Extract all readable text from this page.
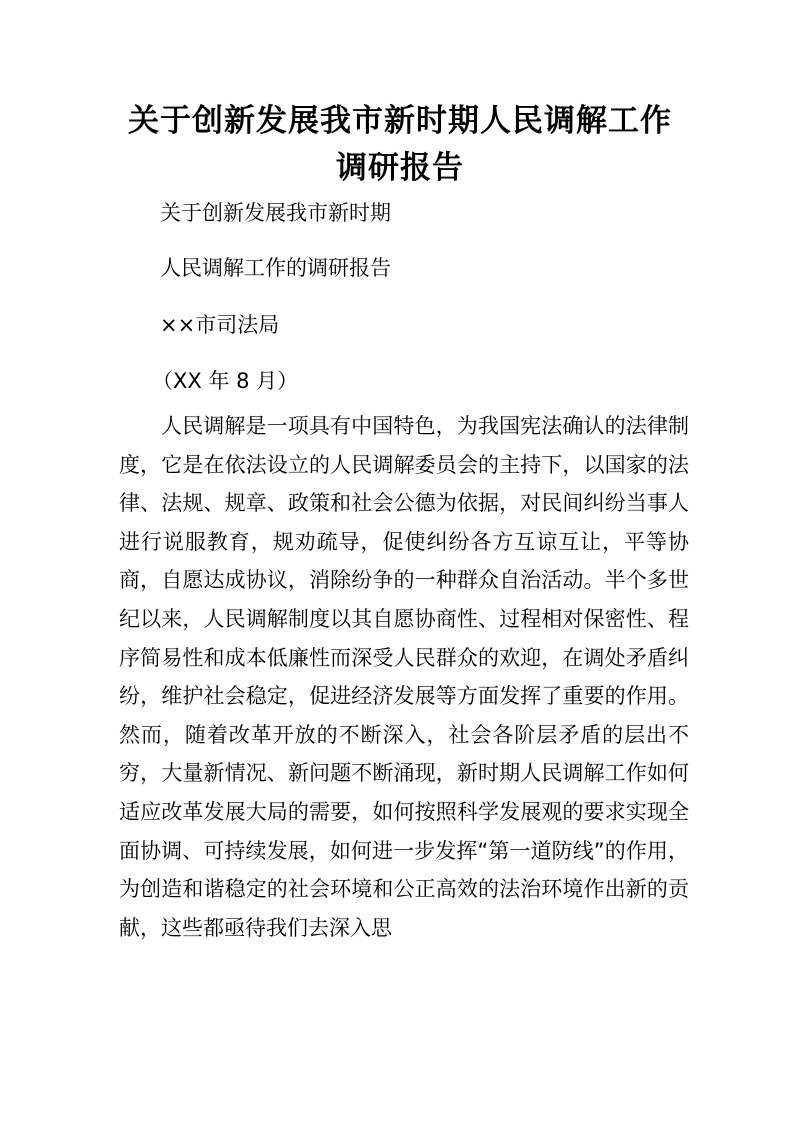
关于创新发展我市新时期人民调解工作调研报告

关于创新发展我市新时期

人民调解工作的调研报告

××市司法局

（XX 年 8 月）

人民调解是一项具有中国特色，为我国宪法确认的法律制度，它是在依法设立的人民调解委员会的主持下，以国家的法律、法规、规章、政策和社会公德为依据，对民间纠纷当事人进行说服教育，规劝疏导，促使纠纷各方互谅互让，平等协商，自愿达成协议，消除纷争的一种群众自治活动。半个多世纪以来，人民调解制度以其自愿协商性、过程相对保密性、程序简易性和成本低廉性而深受人民群众的欢迎，在调处矛盾纠纷，维护社会稳定，促进经济发展等方面发挥了重要的作用。然而，随着改革开放的不断深入，社会各阶层矛盾的层出不穷，大量新情况、新问题不断涌现，新时期人民调解工作如何适应改革发展大局的需要，如何按照科学发展观的要求实现全面协调、可持续发展，如何进一步发挥“第一道防线”的作用，为创造和谐稳定的社会环境和公正高效的法治环境作出新的贡献，这些都亟待我们去深入思
